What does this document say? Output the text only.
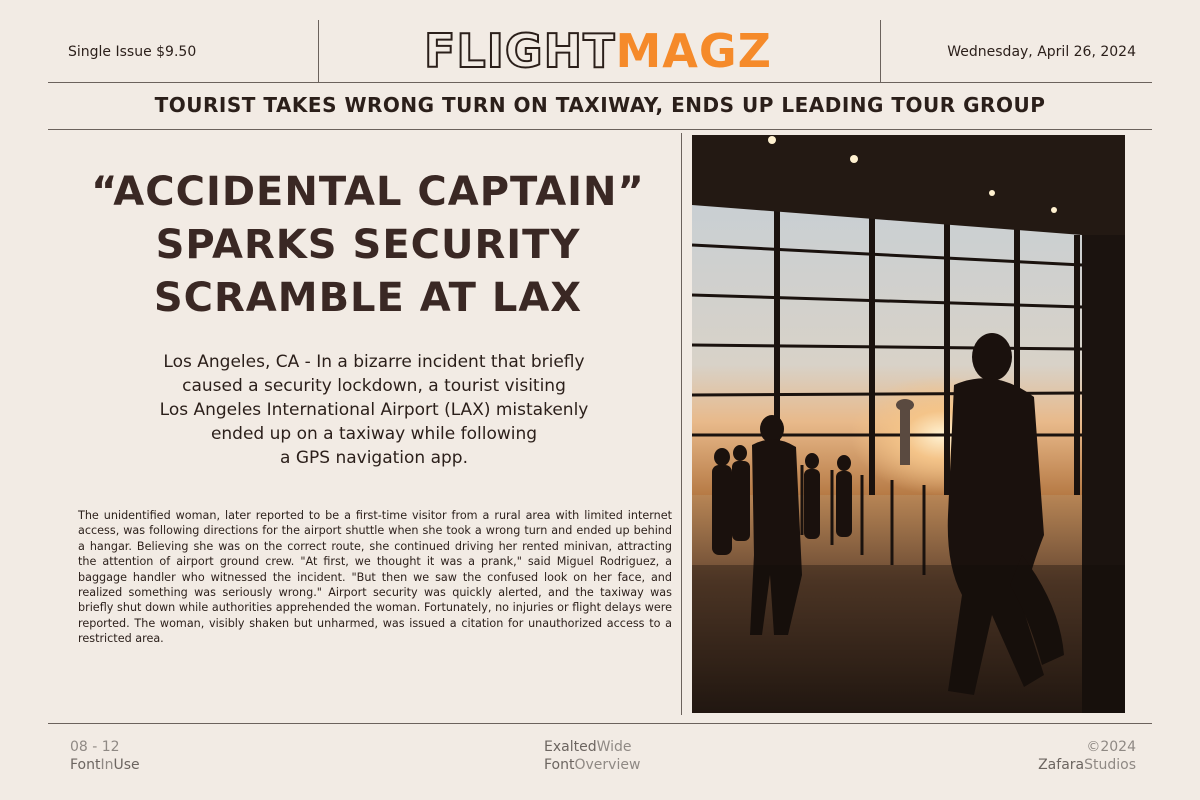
Single Issue $9.50	FLIGHTMAGZ	Wednesday, April 26, 2024
TOURIST TAKES WRONG TURN ON TAXIWAY, ENDS UP LEADING TOUR GROUP
“ACCIDENTAL CAPTAIN”
SPARKS SECURITY
SCRAMBLE AT LAX
Los Angeles, CA - In a bizarre incident that briefly
caused a security lockdown, a tourist visiting
Los Angeles International Airport (LAX) mistakenly
ended up on a taxiway while following
a GPS navigation app.

The unidentified woman, later reported to be a first-time visitor from a rural area with limited internet access, was following directions for the airport shuttle when she took a wrong turn and ended up behind a hangar. Believing she was on the correct route, she continued driving her rented minivan, attracting the attention of airport ground crew. "At first, we thought it was a prank," said Miguel Rodriguez, a baggage handler who witnessed the incident. "But then we saw the confused look on her face, and realized something was seriously wrong." Airport security was quickly alerted, and the taxiway was briefly shut down while authorities apprehended the woman. Fortunately, no injuries or flight delays were reported. The woman, visibly shaken but unharmed, was issued a citation for unauthorized access to a restricted area.

08 - 12
FontInUse
ExaltedWide
FontOverview
©2024
ZafaraStudios
